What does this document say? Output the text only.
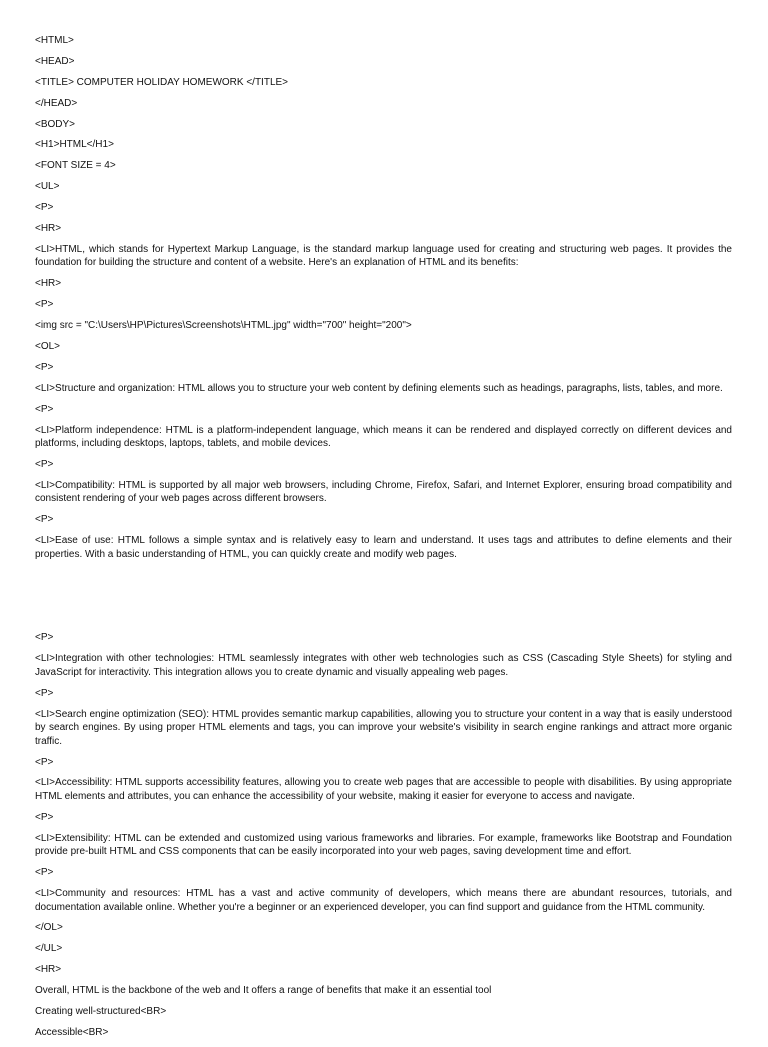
<HTML>
<HEAD>
<TITLE> COMPUTER HOLIDAY HOMEWORK </TITLE>
</HEAD>
<BODY>
<H1>HTML</H1>
<FONT SIZE = 4>
<UL>
<P>
<HR>
<LI>HTML, which stands for Hypertext Markup Language, is the standard markup language used for creating and structuring web pages. It provides the foundation for building the structure and content of a website. Here's an explanation of HTML and its benefits:
<HR>
<P>
<img src = "C:\Users\HP\Pictures\Screenshots\HTML.jpg" width="700" height="200">
<OL>
<P>
<LI>Structure and organization: HTML allows you to structure your web content by defining elements such as headings, paragraphs, lists, tables, and more.
<P>
<LI>Platform independence: HTML is a platform-independent language, which means it can be rendered and displayed correctly on different devices and platforms, including desktops, laptops, tablets, and mobile devices.
<P>
<LI>Compatibility: HTML is supported by all major web browsers, including Chrome, Firefox, Safari, and Internet Explorer, ensuring broad compatibility and consistent rendering of your web pages across different browsers.
<P>
<LI>Ease of use: HTML follows a simple syntax and is relatively easy to learn and understand. It uses tags and attributes to define elements and their properties. With a basic understanding of HTML, you can quickly create and modify web pages.
<P>
<LI>Integration with other technologies: HTML seamlessly integrates with other web technologies such as CSS (Cascading Style Sheets) for styling and JavaScript for interactivity. This integration allows you to create dynamic and visually appealing web pages.
<P>
<LI>Search engine optimization (SEO): HTML provides semantic markup capabilities, allowing you to structure your content in a way that is easily understood by search engines. By using proper HTML elements and tags, you can improve your website's visibility in search engine rankings and attract more organic traffic.
<P>
<LI>Accessibility: HTML supports accessibility features, allowing you to create web pages that are accessible to people with disabilities. By using appropriate HTML elements and attributes, you can enhance the accessibility of your website, making it easier for everyone to access and navigate.
<P>
<LI>Extensibility: HTML can be extended and customized using various frameworks and libraries. For example, frameworks like Bootstrap and Foundation provide pre-built HTML and CSS components that can be easily incorporated into your web pages, saving development time and effort.
<P>
<LI>Community and resources: HTML has a vast and active community of developers, which means there are abundant resources, tutorials, and documentation available online. Whether you're a beginner or an experienced developer, you can find support and guidance from the HTML community.
</OL>
</UL>
<HR>
Overall, HTML is the backbone of the web and It offers a range of benefits that make it an essential tool
Creating well-structured<BR>
Accessible<BR>
